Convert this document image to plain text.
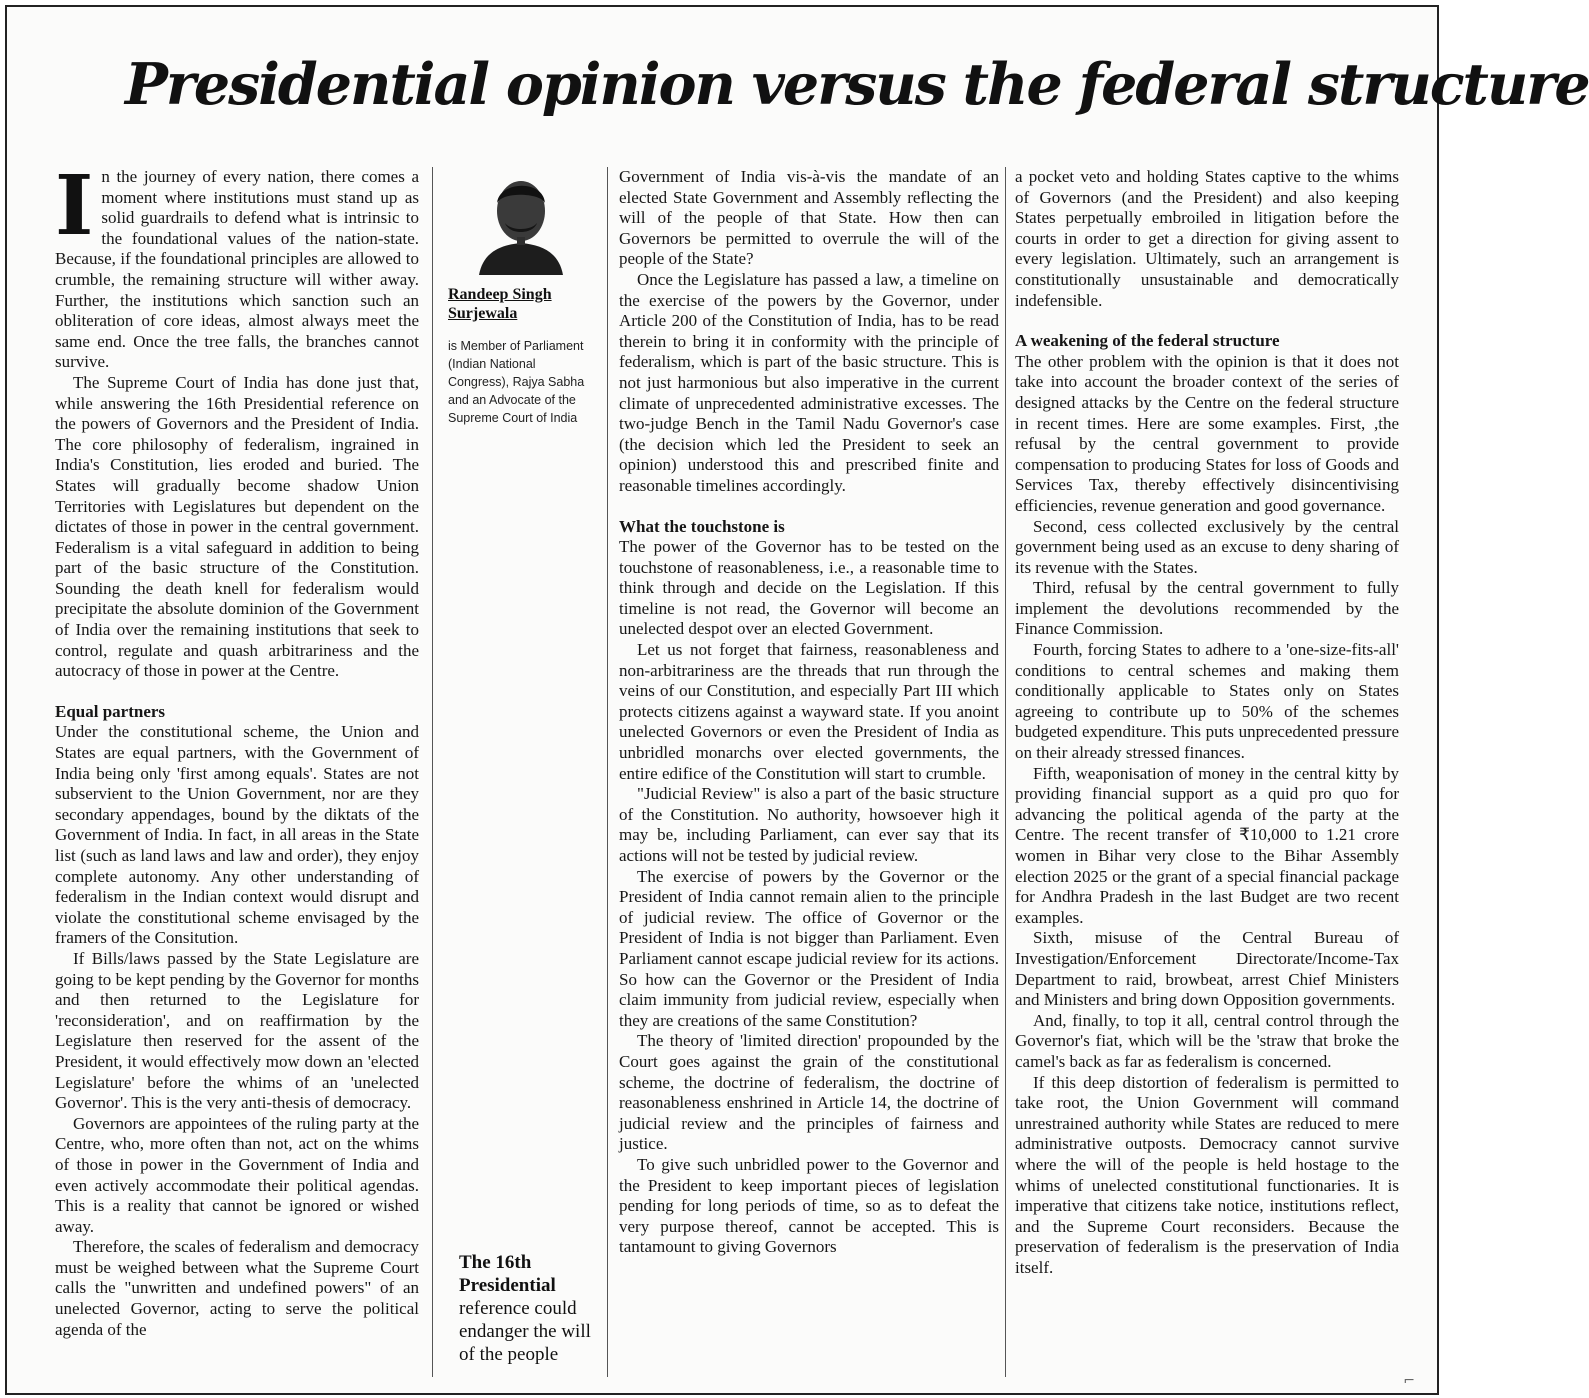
Presidential opinion versus the federal structure

In the journey of every nation, there comes a moment where institutions must stand up as solid guardrails to defend what is intrinsic to the foundational values of the nation-state. Because, if the foundational principles are allowed to crumble, the remaining structure will wither away. Further, the institutions which sanction such an obliteration of core ideas, almost always meet the same end. Once the tree falls, the branches cannot survive.

The Supreme Court of India has done just that, while answering the 16th Presidential reference on the powers of Governors and the President of India. The core philosophy of federalism, ingrained in India's Constitution, lies eroded and buried. The States will gradually become shadow Union Territories with Legislatures but dependent on the dictates of those in power in the central government. Federalism is a vital safeguard in addition to being part of the basic structure of the Constitution. Sounding the death knell for federalism would precipitate the absolute dominion of the Government of India over the remaining institutions that seek to control, regulate and quash arbitrariness and the autocracy of those in power at the Centre.

Equal partners

Under the constitutional scheme, the Union and States are equal partners, with the Government of India being only 'first among equals'. States are not subservient to the Union Government, nor are they secondary appendages, bound by the diktats of the Government of India. In fact, in all areas in the State list (such as land laws and law and order), they enjoy complete autonomy. Any other understanding of federalism in the Indian context would disrupt and violate the constitutional scheme envisaged by the framers of the Consitution.

If Bills/laws passed by the State Legislature are going to be kept pending by the Governor for months and then returned to the Legislature for 'reconsideration', and on reaffirmation by the Legislature then reserved for the assent of the President, it would effectively mow down an 'elected Legislature' before the whims of an 'unelected Governor'. This is the very anti-thesis of democracy.

Governors are appointees of the ruling party at the Centre, who, more often than not, act on the whims of those in power in the Government of India and even actively accommodate their political agendas. This is a reality that cannot be ignored or wished away.

Therefore, the scales of federalism and democracy must be weighed between what the Supreme Court calls the "unwritten and undefined powers" of an unelected Governor, acting to serve the political agenda of the

Randeep Singh Surjewala
is Member of Parliament (Indian National Congress), Rajya Sabha and an Advocate of the Supreme Court of India
The 16th Presidential reference could endanger the will of the people

Government of India vis-à-vis the mandate of an elected State Government and Assembly reflecting the will of the people of that State. How then can Governors be permitted to overrule the will of the people of the State?

Once the Legislature has passed a law, a timeline on the exercise of the powers by the Governor, under Article 200 of the Constitution of India, has to be read therein to bring it in conformity with the principle of federalism, which is part of the basic structure. This is not just harmonious but also imperative in the current climate of unprecedented administrative excesses. The two-judge Bench in the Tamil Nadu Governor's case (the decision which led the President to seek an opinion) understood this and prescribed finite and reasonable timelines accordingly.

What the touchstone is

The power of the Governor has to be tested on the touchstone of reasonableness, i.e., a reasonable time to think through and decide on the Legislation. If this timeline is not read, the Governor will become an unelected despot over an elected Government.

Let us not forget that fairness, reasonableness and non-arbitrariness are the threads that run through the veins of our Constitution, and especially Part III which protects citizens against a wayward state. If you anoint unelected Governors or even the President of India as unbridled monarchs over elected governments, the entire edifice of the Constitution will start to crumble.

"Judicial Review" is also a part of the basic structure of the Constitution. No authority, howsoever high it may be, including Parliament, can ever say that its actions will not be tested by judicial review.

The exercise of powers by the Governor or the President of India cannot remain alien to the principle of judicial review. The office of Governor or the President of India is not bigger than Parliament. Even Parliament cannot escape judicial review for its actions. So how can the Governor or the President of India claim immunity from judicial review, especially when they are creations of the same Constitution?

The theory of 'limited direction' propounded by the Court goes against the grain of the constitutional scheme, the doctrine of federalism, the doctrine of reasonableness enshrined in Article 14, the doctrine of judicial review and the principles of fairness and justice.

To give such unbridled power to the Governor and the President to keep important pieces of legislation pending for long periods of time, so as to defeat the very purpose thereof, cannot be accepted. This is tantamount to giving Governors

a pocket veto and holding States captive to the whims of Governors (and the President) and also keeping States perpetually embroiled in litigation before the courts in order to get a direction for giving assent to every legislation. Ultimately, such an arrangement is constitutionally unsustainable and democratically indefensible.

A weakening of the federal structure

The other problem with the opinion is that it does not take into account the broader context of the series of designed attacks by the Centre on the federal structure in recent times. Here are some examples. First, ,the refusal by the central government to provide compensation to producing States for loss of Goods and Services Tax, thereby effectively disincentivising efficiencies, revenue generation and good governance.

Second, cess collected exclusively by the central government being used as an excuse to deny sharing of its revenue with the States.

Third, refusal by the central government to fully implement the devolutions recommended by the Finance Commission.

Fourth, forcing States to adhere to a 'one-size-fits-all' conditions to central schemes and making them conditionally applicable to States only on States agreeing to contribute up to 50% of the schemes budgeted expenditure. This puts unprecedented pressure on their already stressed finances.

Fifth, weaponisation of money in the central kitty by providing financial support as a quid pro quo for advancing the political agenda of the party at the Centre. The recent transfer of ₹10,000 to 1.21 crore women in Bihar very close to the Bihar Assembly election 2025 or the grant of a special financial package for Andhra Pradesh in the last Budget are two recent examples.

Sixth, misuse of the Central Bureau of Investigation/Enforcement Directorate/Income-Tax Department to raid, browbeat, arrest Chief Ministers and Ministers and bring down Opposition governments.

And, finally, to top it all, central control through the Governor's fiat, which will be the 'straw that broke the camel's back as far as federalism is concerned.

If this deep distortion of federalism is permitted to take root, the Union Government will command unrestrained authority while States are reduced to mere administrative outposts. Democracy cannot survive where the will of the people is held hostage to the whims of unelected constitutional functionaries. It is imperative that citizens take notice, institutions reflect, and the Supreme Court reconsiders. Because the preservation of federalism is the preservation of India itself.

⌐
